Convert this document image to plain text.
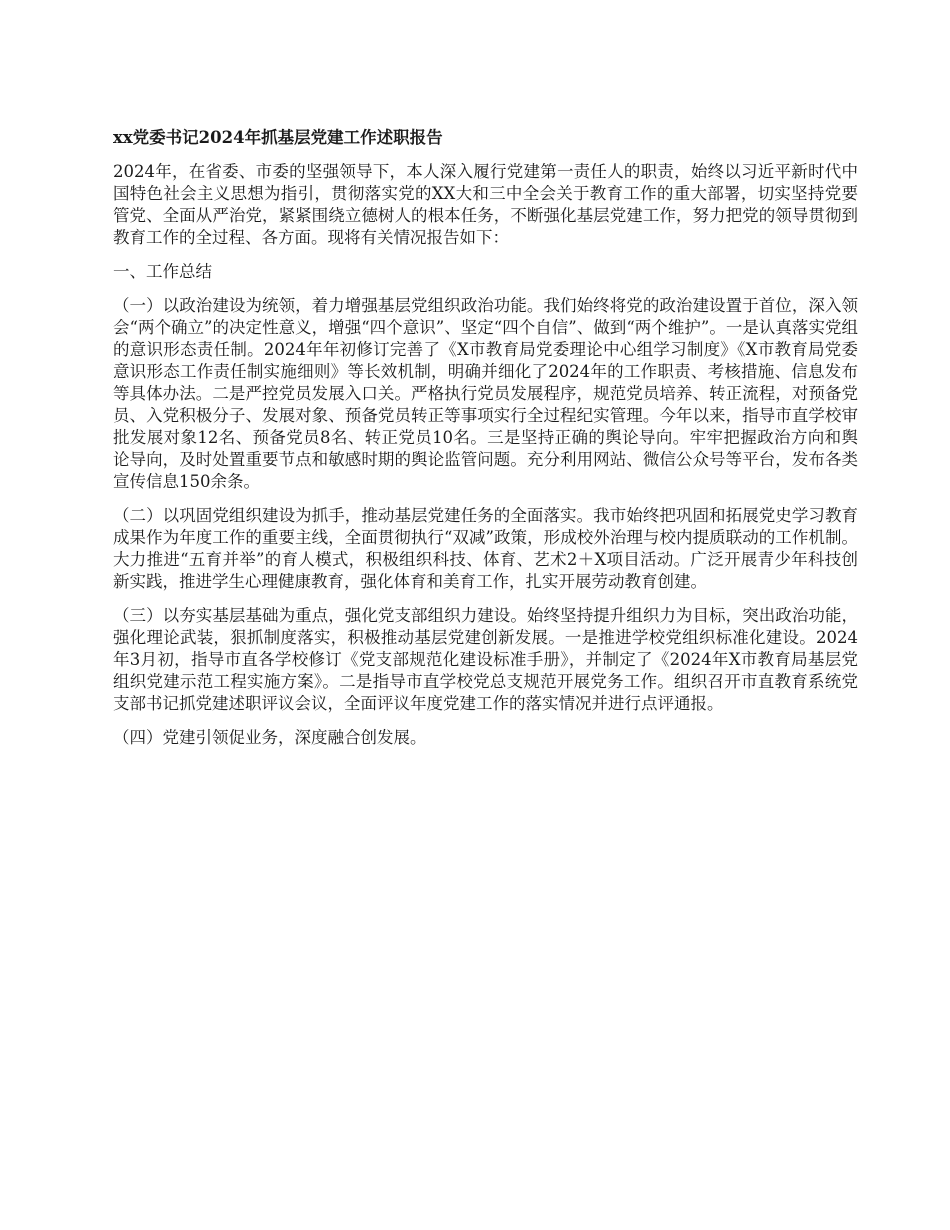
xx党委书记2024年抓基层党建工作述职报告
2024年，在省委、市委的坚强领导下，本人深入履行党建第一责任人的职责，始终以习近平新时代中国特色社会主义思想为指引，贯彻落实党的XX大和三中全会关于教育工作的重大部署，切实坚持党要管党、全面从严治党，紧紧围绕立德树人的根本任务，不断强化基层党建工作，努力把党的领导贯彻到教育工作的全过程、各方面。现将有关情况报告如下：
一、工作总结
（一）以政治建设为统领，着力增强基层党组织政治功能。我们始终将党的政治建设置于首位，深入领会“两个确立”的决定性意义，增强“四个意识”、坚定“四个自信”、做到“两个维护”。一是认真落实党组的意识形态责任制。2024年年初修订完善了《X市教育局党委理论中心组学习制度》《X市教育局党委意识形态工作责任制实施细则》等长效机制，明确并细化了2024年的工作职责、考核措施、信息发布等具体办法。二是严控党员发展入口关。严格执行党员发展程序，规范党员培养、转正流程，对预备党员、入党积极分子、发展对象、预备党员转正等事项实行全过程纪实管理。今年以来，指导市直学校审批发展对象12名、预备党员8名、转正党员10名。三是坚持正确的舆论导向。牢牢把握政治方向和舆论导向，及时处置重要节点和敏感时期的舆论监管问题。充分利用网站、微信公众号等平台，发布各类宣传信息150余条。
（二）以巩固党组织建设为抓手，推动基层党建任务的全面落实。我市始终把巩固和拓展党史学习教育成果作为年度工作的重要主线，全面贯彻执行“双减”政策，形成校外治理与校内提质联动的工作机制。大力推进“五育并举”的育人模式，积极组织科技、体育、艺术2＋X项目活动。广泛开展青少年科技创新实践，推进学生心理健康教育，强化体育和美育工作，扎实开展劳动教育创建。
（三）以夯实基层基础为重点，强化党支部组织力建设。始终坚持提升组织力为目标，突出政治功能，强化理论武装，狠抓制度落实，积极推动基层党建创新发展。一是推进学校党组织标准化建设。2024年3月初，指导市直各学校修订《党支部规范化建设标准手册》，并制定了《2024年X市教育局基层党组织党建示范工程实施方案》。二是指导市直学校党总支规范开展党务工作。组织召开市直教育系统党支部书记抓党建述职评议会议，全面评议年度党建工作的落实情况并进行点评通报。
（四）党建引领促业务，深度融合创发展。
